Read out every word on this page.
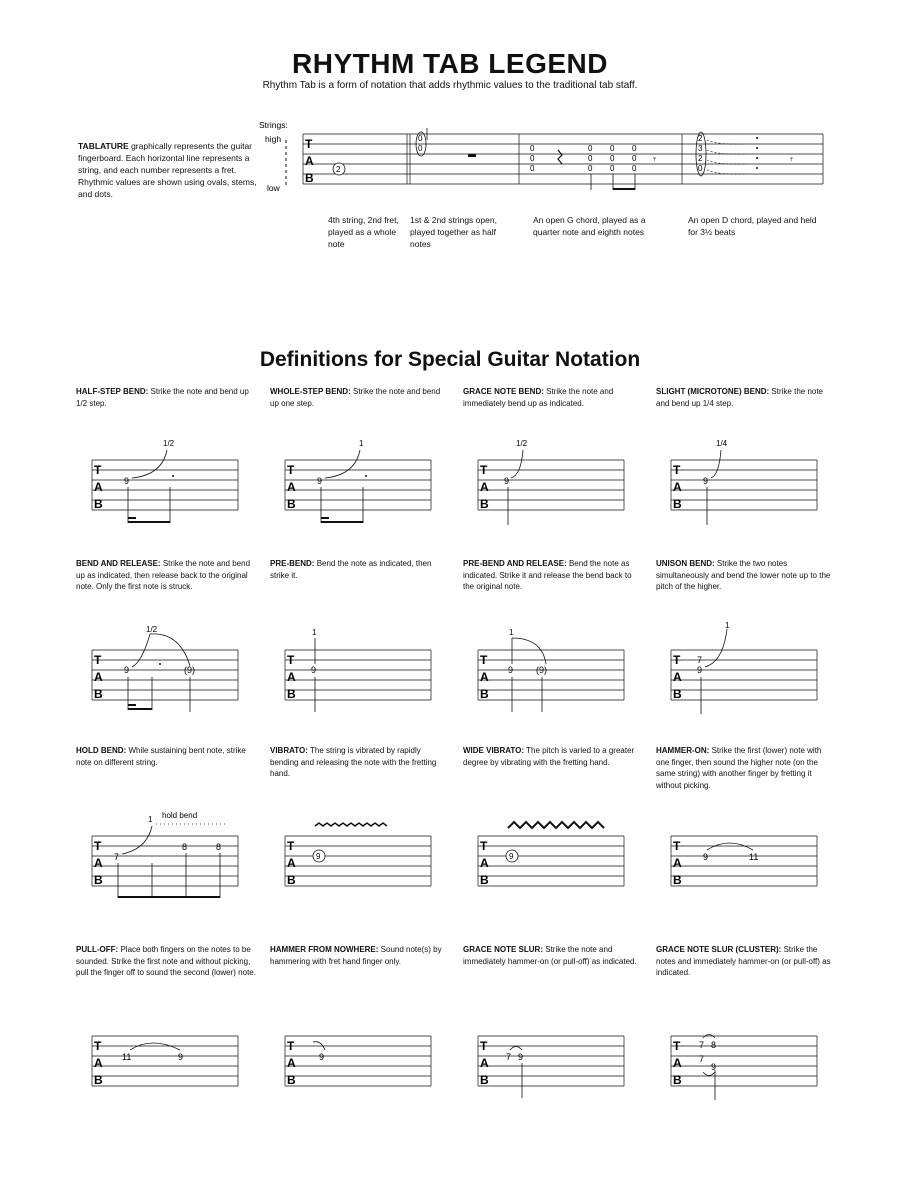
RHYTHM TAB LEGEND
Rhythm Tab is a form of notation that adds rhythmic values to the traditional tab staff.
TABLATURE graphically represents the guitar fingerboard. Each horizontal line represents a string, and each number represents a fret. Rhythmic values are shown using ovals, stems, and dots.
Strings:
high
low
T
A
B
2
0
0	0
0
0
0
0
0
0
0
0
0
0
0
𝄾
2
3
2
0
𝄾
4th string, 2nd fret, played as a whole note
1st & 2nd strings open, played together as half notes
An open G chord, played as a quarter note and eighth notes
An open D chord, played and held for 3½ beats
Definitions for Special Guitar Notation
HALF-STEP BEND: Strike the note and bend up 1/2 step.
WHOLE-STEP BEND: Strike the note and bend up one step.
GRACE NOTE BEND: Strike the note and immediately bend up as indicated.
SLIGHT (MICROTONE) BEND: Strike the note and bend up 1/4 step.
BEND AND RELEASE: Strike the note and bend up as indicated, then release back to the original note. Only the first note is struck.
PRE-BEND: Bend the note as indicated, then strike it.
PRE-BEND AND RELEASE: Bend the note as indicated. Strike it and release the bend back to the original note.
UNISON BEND: Strike the two notes simultaneously and bend the lower note up to the pitch of the higher.
HOLD BEND: While sustaining bent note, strike note on different string.
VIBRATO: The string is vibrated by rapidly bending and releasing the note with the fretting hand.
WIDE VIBRATO: The pitch is varied to a greater degree by vibrating with the fretting hand.
HAMMER-ON: Strike the first (lower) note with one finger, then sound the higher note (on the same string) with another finger by fretting it without picking.
PULL-OFF: Place both fingers on the notes to be sounded. Strike the first note and without picking, pull the finger off to sound the second (lower) note.
HAMMER FROM NOWHERE: Sound note(s) by hammering with fret hand finger only.
GRACE NOTE SLUR: Strike the note and immediately hammer-on (or pull-off) as indicated.
GRACE NOTE SLUR (CLUSTER): Strike the notes and immediately hammer-on (or pull-off) as indicated.
T
A
B
9
1/2
T
A
B
9
1
T
A
B
9
1/2
T
A
B
9
1/4
T
A
B
9
1/2
(9)
T
A
B
9
1
T
A
B
9
1
(9)
T
A
B
7
9
1
T
A
B
7
1 hold bend
8	8	T
A
B
9
T
A
B
9
T
A
B
9	11
T
A
B
11	9
T
A
B
9
T
A
B
7 9
T
A
B
7 8
7
9
